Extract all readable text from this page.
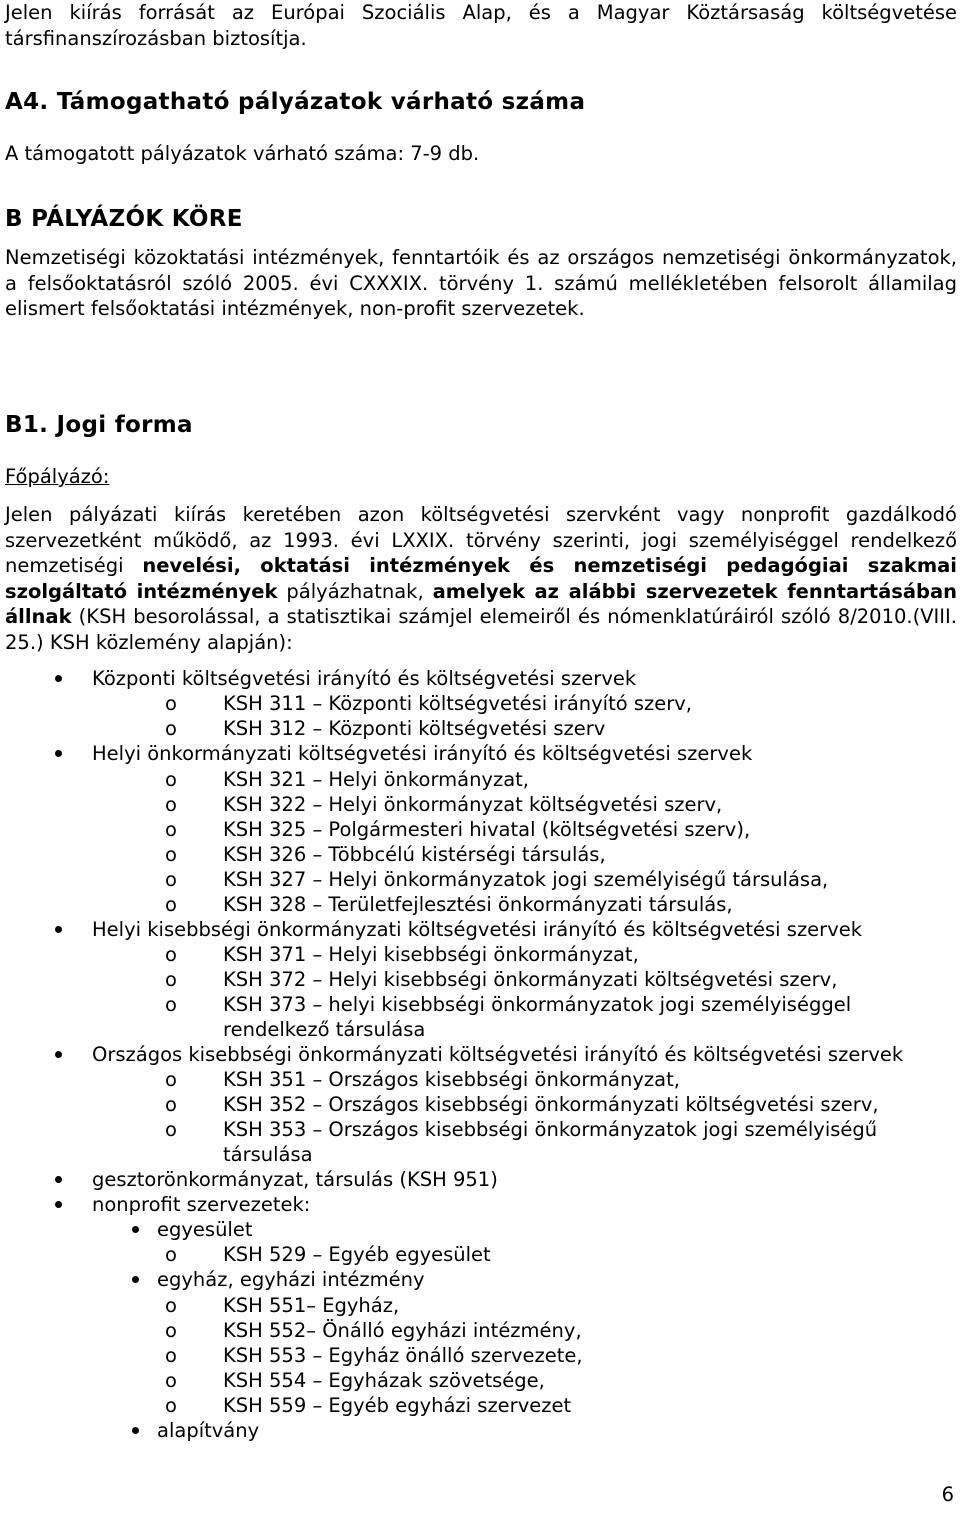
Jelen kiírás forrását az Európai Szociális Alap, és a Magyar Köztársaság költségvetése társfinanszírozásban biztosítja.
A4. Támogatható pályázatok várható száma
A támogatott pályázatok várható száma: 7-9 db.
B PÁLYÁZÓK KÖRE
Nemzetiségi közoktatási intézmények, fenntartóik és az országos nemzetiségi önkormányzatok, a felsőoktatásról szóló 2005. évi CXXXIX. törvény 1. számú mellékletében felsorolt államilag elismert felsőoktatási intézmények, non-profit szervezetek.
B1. Jogi forma
Főpályázó:
Jelen pályázati kiírás keretében azon költségvetési szervként vagy nonprofit gazdálkodó szervezetként működő, az 1993. évi LXXIX. törvény szerinti, jogi személyiséggel rendelkező nemzetiségi nevelési, oktatási intézmények és nemzetiségi pedagógiai szakmai szolgáltató intézmények pályázhatnak, amelyek az alábbi szervezetek fenntartásában állnak (KSH besorolással, a statisztikai számjel elemeiről és nómenklatúráiról szóló 8/2010.(VIII. 25.) KSH közlemény alapján):
Központi költségvetési irányító és költségvetési szervek
o KSH 311 – Központi költségvetési irányító szerv,
o KSH 312 – Központi költségvetési szerv
Helyi önkormányzati költségvetési irányító és költségvetési szervek
o KSH 321 – Helyi önkormányzat,
o KSH 322 – Helyi önkormányzat költségvetési szerv,
o KSH 325 – Polgármesteri hivatal (költségvetési szerv),
o KSH 326 – Többcélú kistérségi társulás,
o KSH 327 – Helyi önkormányzatok jogi személyiségű társulása,
o KSH 328 – Területfejlesztési önkormányzati társulás,
Helyi kisebbségi önkormányzati költségvetési irányító és költségvetési szervek
o KSH 371 – Helyi kisebbségi önkormányzat,
o KSH 372 – Helyi kisebbségi önkormányzati költségvetési szerv,
o KSH 373 – helyi kisebbségi önkormányzatok jogi személyiséggel
rendelkező társulása
Országos kisebbségi önkormányzati költségvetési irányító és költségvetési szervek
o KSH 351 – Országos kisebbségi önkormányzat,
o KSH 352 – Országos kisebbségi önkormányzati költségvetési szerv,
o KSH 353 – Országos kisebbségi önkormányzatok jogi személyiségű
társulása
gesztorönkormányzat, társulás (KSH 951)
nonprofit szervezetek:
egyesület
o KSH 529 – Egyéb egyesület
egyház, egyházi intézmény
o KSH 551– Egyház,
o KSH 552– Önálló egyházi intézmény,
o KSH 553 – Egyház önálló szervezete,
o KSH 554 – Egyházak szövetsége,
o KSH 559 – Egyéb egyházi szervezet
alapítvány
6
